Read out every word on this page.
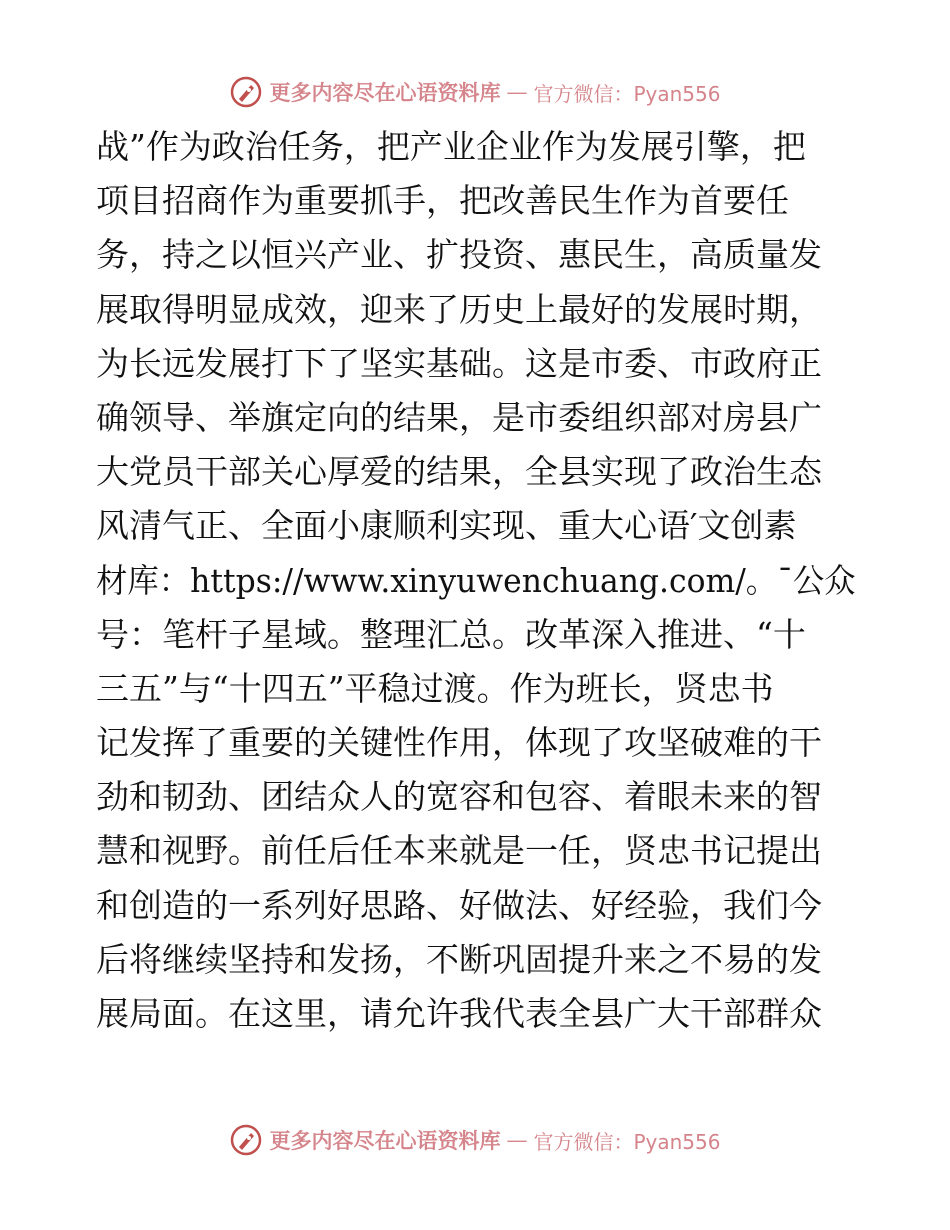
更多内容尽在心语资料库 — 官方微信：Pyan556
战”作为政治任务，把产业企业作为发展引擎，把
项目招商作为重要抓手，把改善民生作为首要任
务，持之以恒兴产业、扩投资、惠民生，高质量发
展取得明显成效，迎来了历史上最好的发展时期，
为长远发展打下了坚实基础。这是市委、市政府正
确领导、举旗定向的结果，是市委组织部对房县广
大党员干部关心厚爱的结果，全县实现了政治生态
风清气正、全面小康顺利实现、重大心语′文创素
材库：https://www.xinyuwenchuang.com/。¯公众
号：笔杆子星域。整理汇总。改革深入推进、“十
三五”与“十四五”平稳过渡。作为班长，贤忠书
记发挥了重要的关键性作用，体现了攻坚破难的干
劲和韧劲、团结众人的宽容和包容、着眼未来的智
慧和视野。前任后任本来就是一任，贤忠书记提出
和创造的一系列好思路、好做法、好经验，我们今
后将继续坚持和发扬，不断巩固提升来之不易的发
展局面。在这里，请允许我代表全县广大干部群众
更多内容尽在心语资料库 — 官方微信：Pyan556
